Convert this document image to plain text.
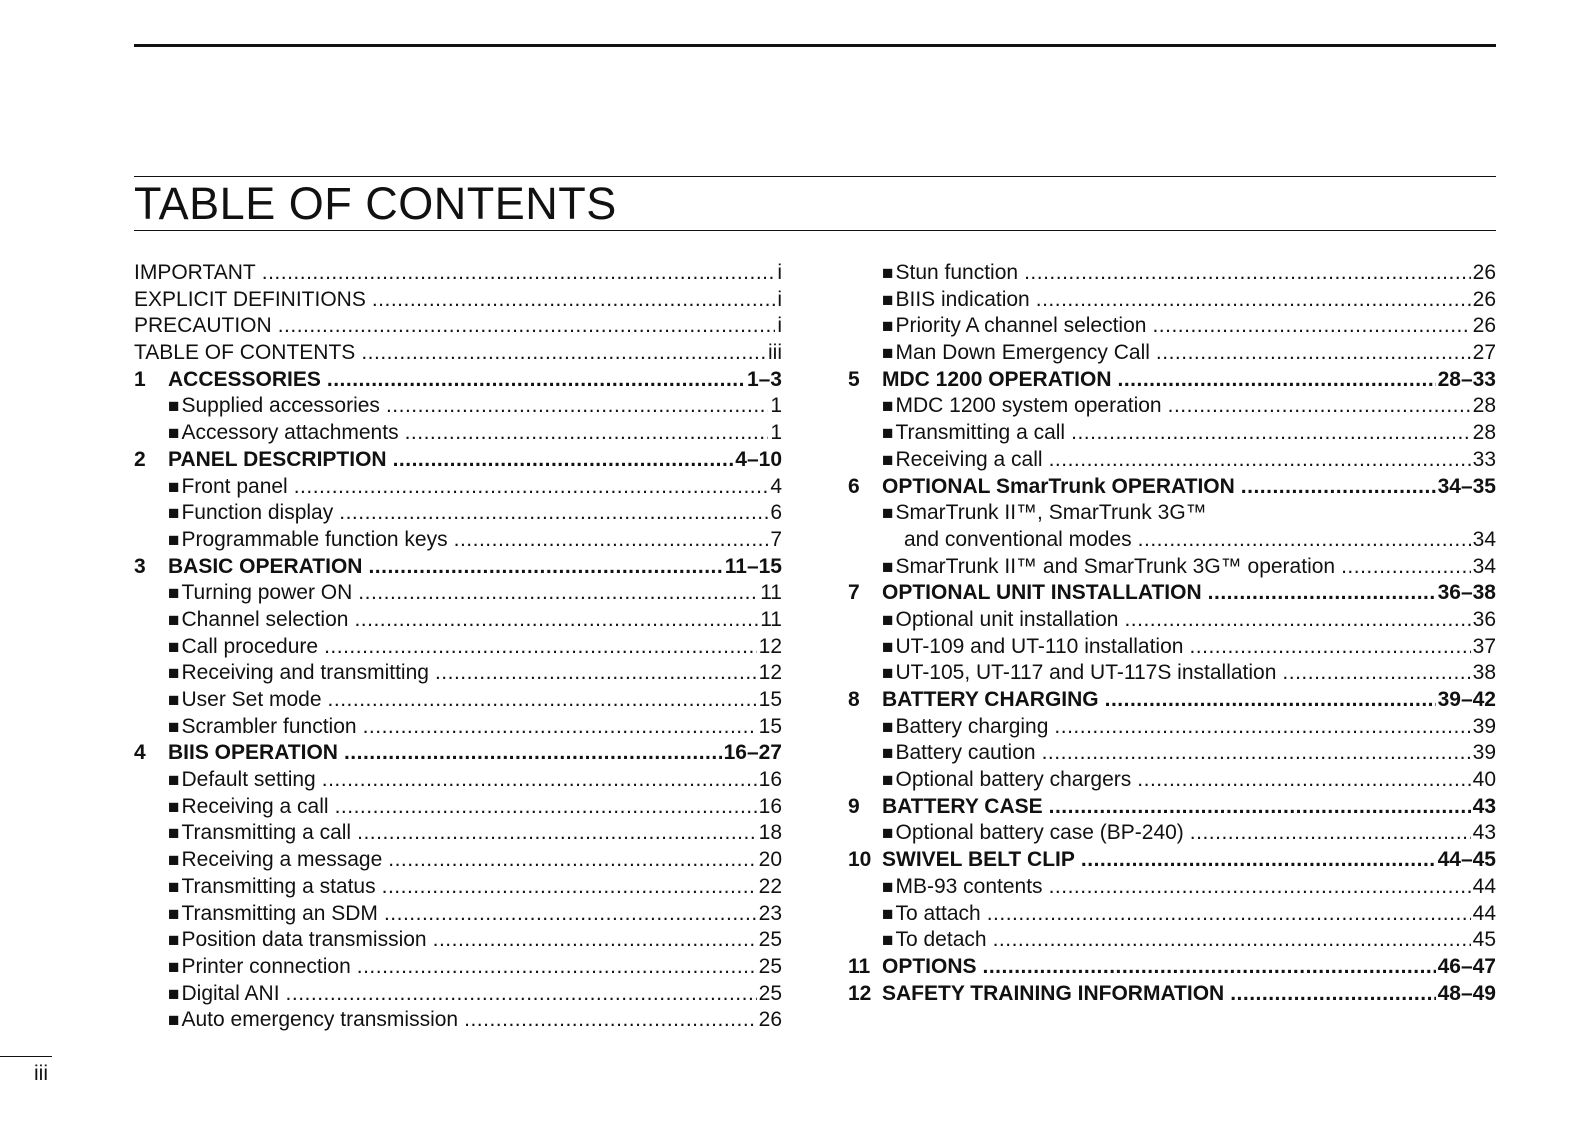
TABLE OF CONTENTS
IMPORTANT .....	i
EXPLICIT DEFINITIONS .....	i
PRECAUTION .....	i
TABLE OF CONTENTS .....	iii
1 ACCESSORIES .....	1–3
■ Supplied accessories .....	1
■ Accessory attachments .....	1
2 PANEL DESCRIPTION .....	4–10
■ Front panel .....	4
■ Function display .....	6
■ Programmable function keys .....	7
3 BASIC OPERATION .....	11–15
■ Turning power ON .....	11
■ Channel selection .....	11
■ Call procedure .....	12
■ Receiving and transmitting .....	12
■ User Set mode .....	15
■ Scrambler function .....	15
4 BIIS OPERATION .....	16–27
■ Default setting .....	16
■ Receiving a call .....	16
■ Transmitting a call .....	18
■ Receiving a message .....	20
■ Transmitting a status .....	22
■ Transmitting an SDM .....	23
■ Position data transmission .....	25
■ Printer connection .....	25
■ Digital ANI .....	25
■ Auto emergency transmission .....	26
■ Stun function .....	26
■ BIIS indication .....	26
■ Priority A channel selection .....	26
■ Man Down Emergency Call .....	27
5 MDC 1200 OPERATION .....	28–33
■ MDC 1200 system operation .....	28
■ Transmitting a call .....	28
■ Receiving a call .....	33
6 OPTIONAL SmarTrunk OPERATION .....	34–35
■ SmarTrunk II™, SmarTrunk 3G™
and conventional modes .....	34
■ SmarTrunk II™ and SmarTrunk 3G™ operation .....	34
7 OPTIONAL UNIT INSTALLATION .....	36–38
■ Optional unit installation .....	36
■ UT-109 and UT-110 installation .....	37
■ UT-105, UT-117 and UT-117S installation .....	38
8 BATTERY CHARGING .....	39–42
■ Battery charging .....	39
■ Battery caution .....	39
■ Optional battery chargers .....	40
9 BATTERY CASE .....	43
■ Optional battery case (BP-240) .....	43
10 SWIVEL BELT CLIP .....	44–45
■ MB-93 contents .....	44
■ To attach .....	44
■ To detach .....	45
11 OPTIONS .....	46–47
12 SAFETY TRAINING INFORMATION .....	48–49
iii
